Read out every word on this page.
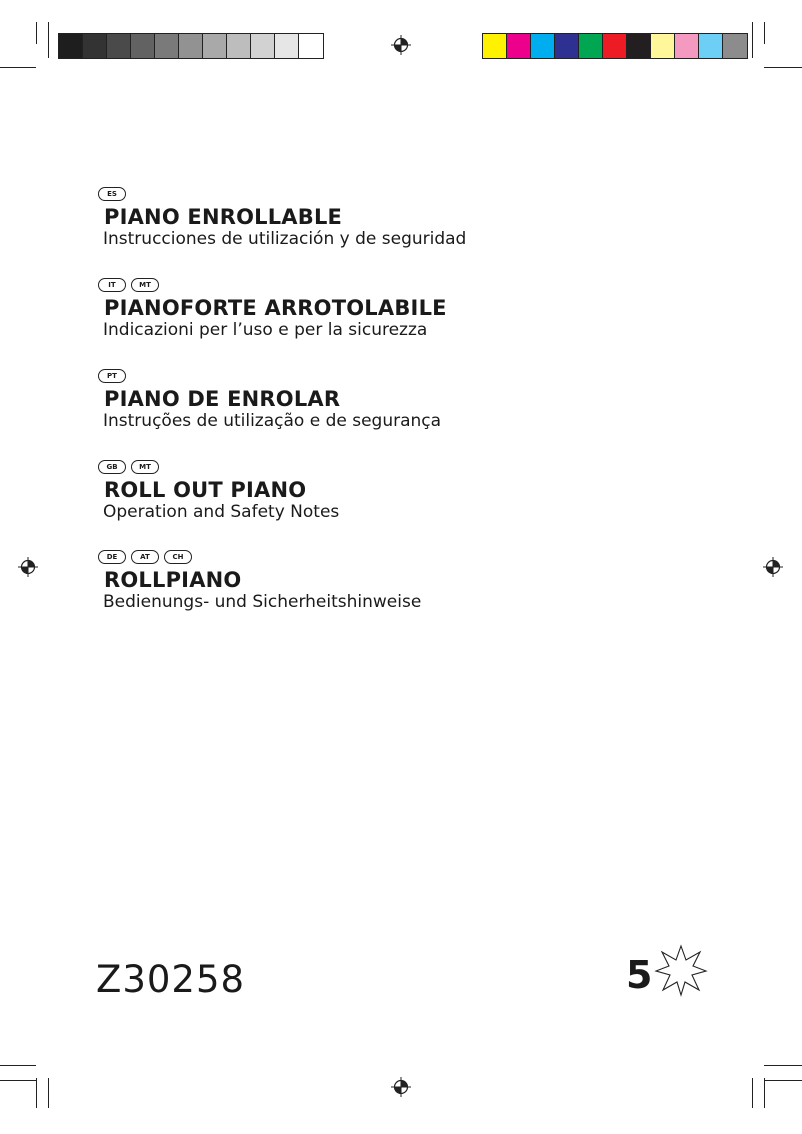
ES
PIANO ENROLLABLE
Instrucciones de utilización y de seguridad
IT	MT
PIANOFORTE ARROTOLABILE
Indicazioni per l’uso e per la sicurezza
PT
PIANO DE ENROLAR
Instruções de utilização e de segurança
GB	MT
ROLL OUT PIANO
Operation and Safety Notes
DE	AT	CH
ROLLPIANO
Bedienungs- und Sicherheitshinweise
Z30258	5
